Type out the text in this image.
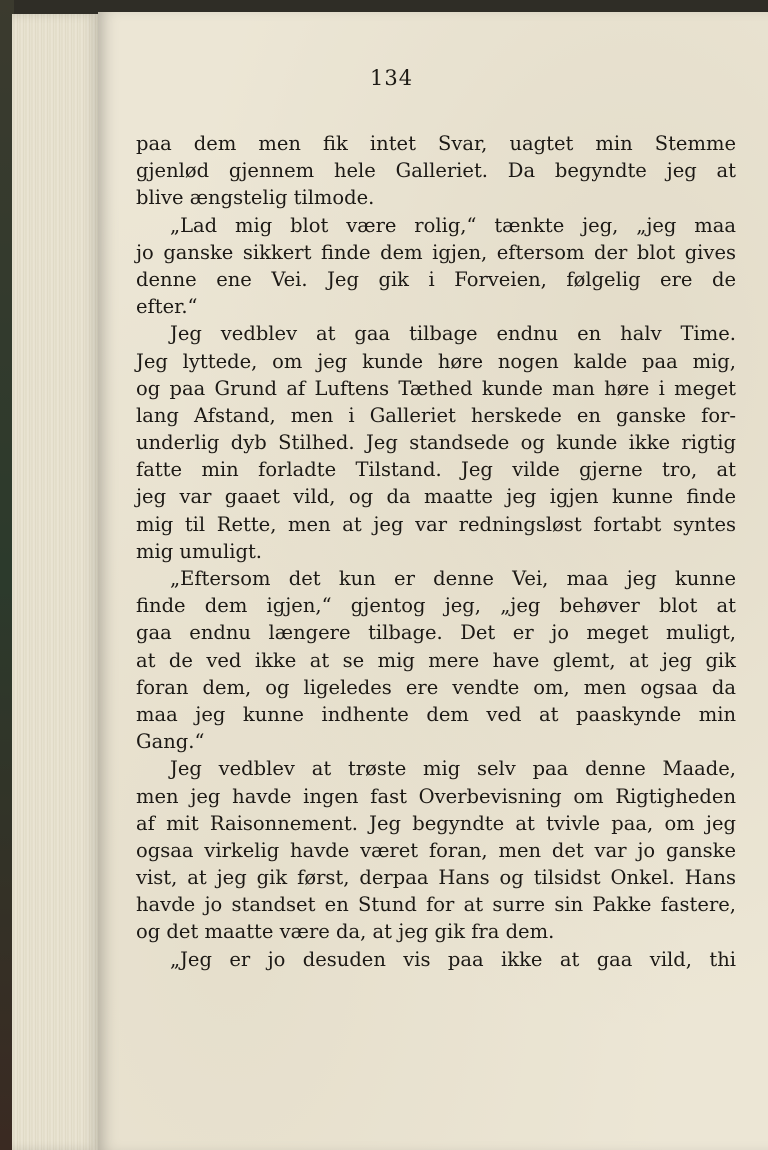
134
paa dem men fik intet Svar, uagtet min Stemme
gjenlød gjennem hele Galleriet. Da begyndte jeg at
blive ængstelig tilmode.
„Lad mig blot være rolig,“ tænkte jeg, „jeg maa
jo ganske sikkert finde dem igjen, eftersom der blot gives
denne ene Vei. Jeg gik i Forveien, følgelig ere de
efter.“
Jeg vedblev at gaa tilbage endnu en halv Time.
Jeg lyttede, om jeg kunde høre nogen kalde paa mig,
og paa Grund af Luftens Tæthed kunde man høre i meget
lang Afstand, men i Galleriet herskede en ganske for-
underlig dyb Stilhed. Jeg standsede og kunde ikke rigtig
fatte min forladte Tilstand. Jeg vilde gjerne tro, at
jeg var gaaet vild, og da maatte jeg igjen kunne finde
mig til Rette, men at jeg var redningsløst fortabt syntes
mig umuligt.
„Eftersom det kun er denne Vei, maa jeg kunne
finde dem igjen,“ gjentog jeg, „jeg behøver blot at
gaa endnu længere tilbage. Det er jo meget muligt,
at de ved ikke at se mig mere have glemt, at jeg gik
foran dem, og ligeledes ere vendte om, men ogsaa da
maa jeg kunne indhente dem ved at paaskynde min
Gang.“
Jeg vedblev at trøste mig selv paa denne Maade,
men jeg havde ingen fast Overbevisning om Rigtigheden
af mit Raisonnement. Jeg begyndte at tvivle paa, om jeg
ogsaa virkelig havde været foran, men det var jo ganske
vist, at jeg gik først, derpaa Hans og tilsidst Onkel. Hans
havde jo standset en Stund for at surre sin Pakke fastere,
og det maatte være da, at jeg gik fra dem.
„Jeg er jo desuden vis paa ikke at gaa vild, thi
